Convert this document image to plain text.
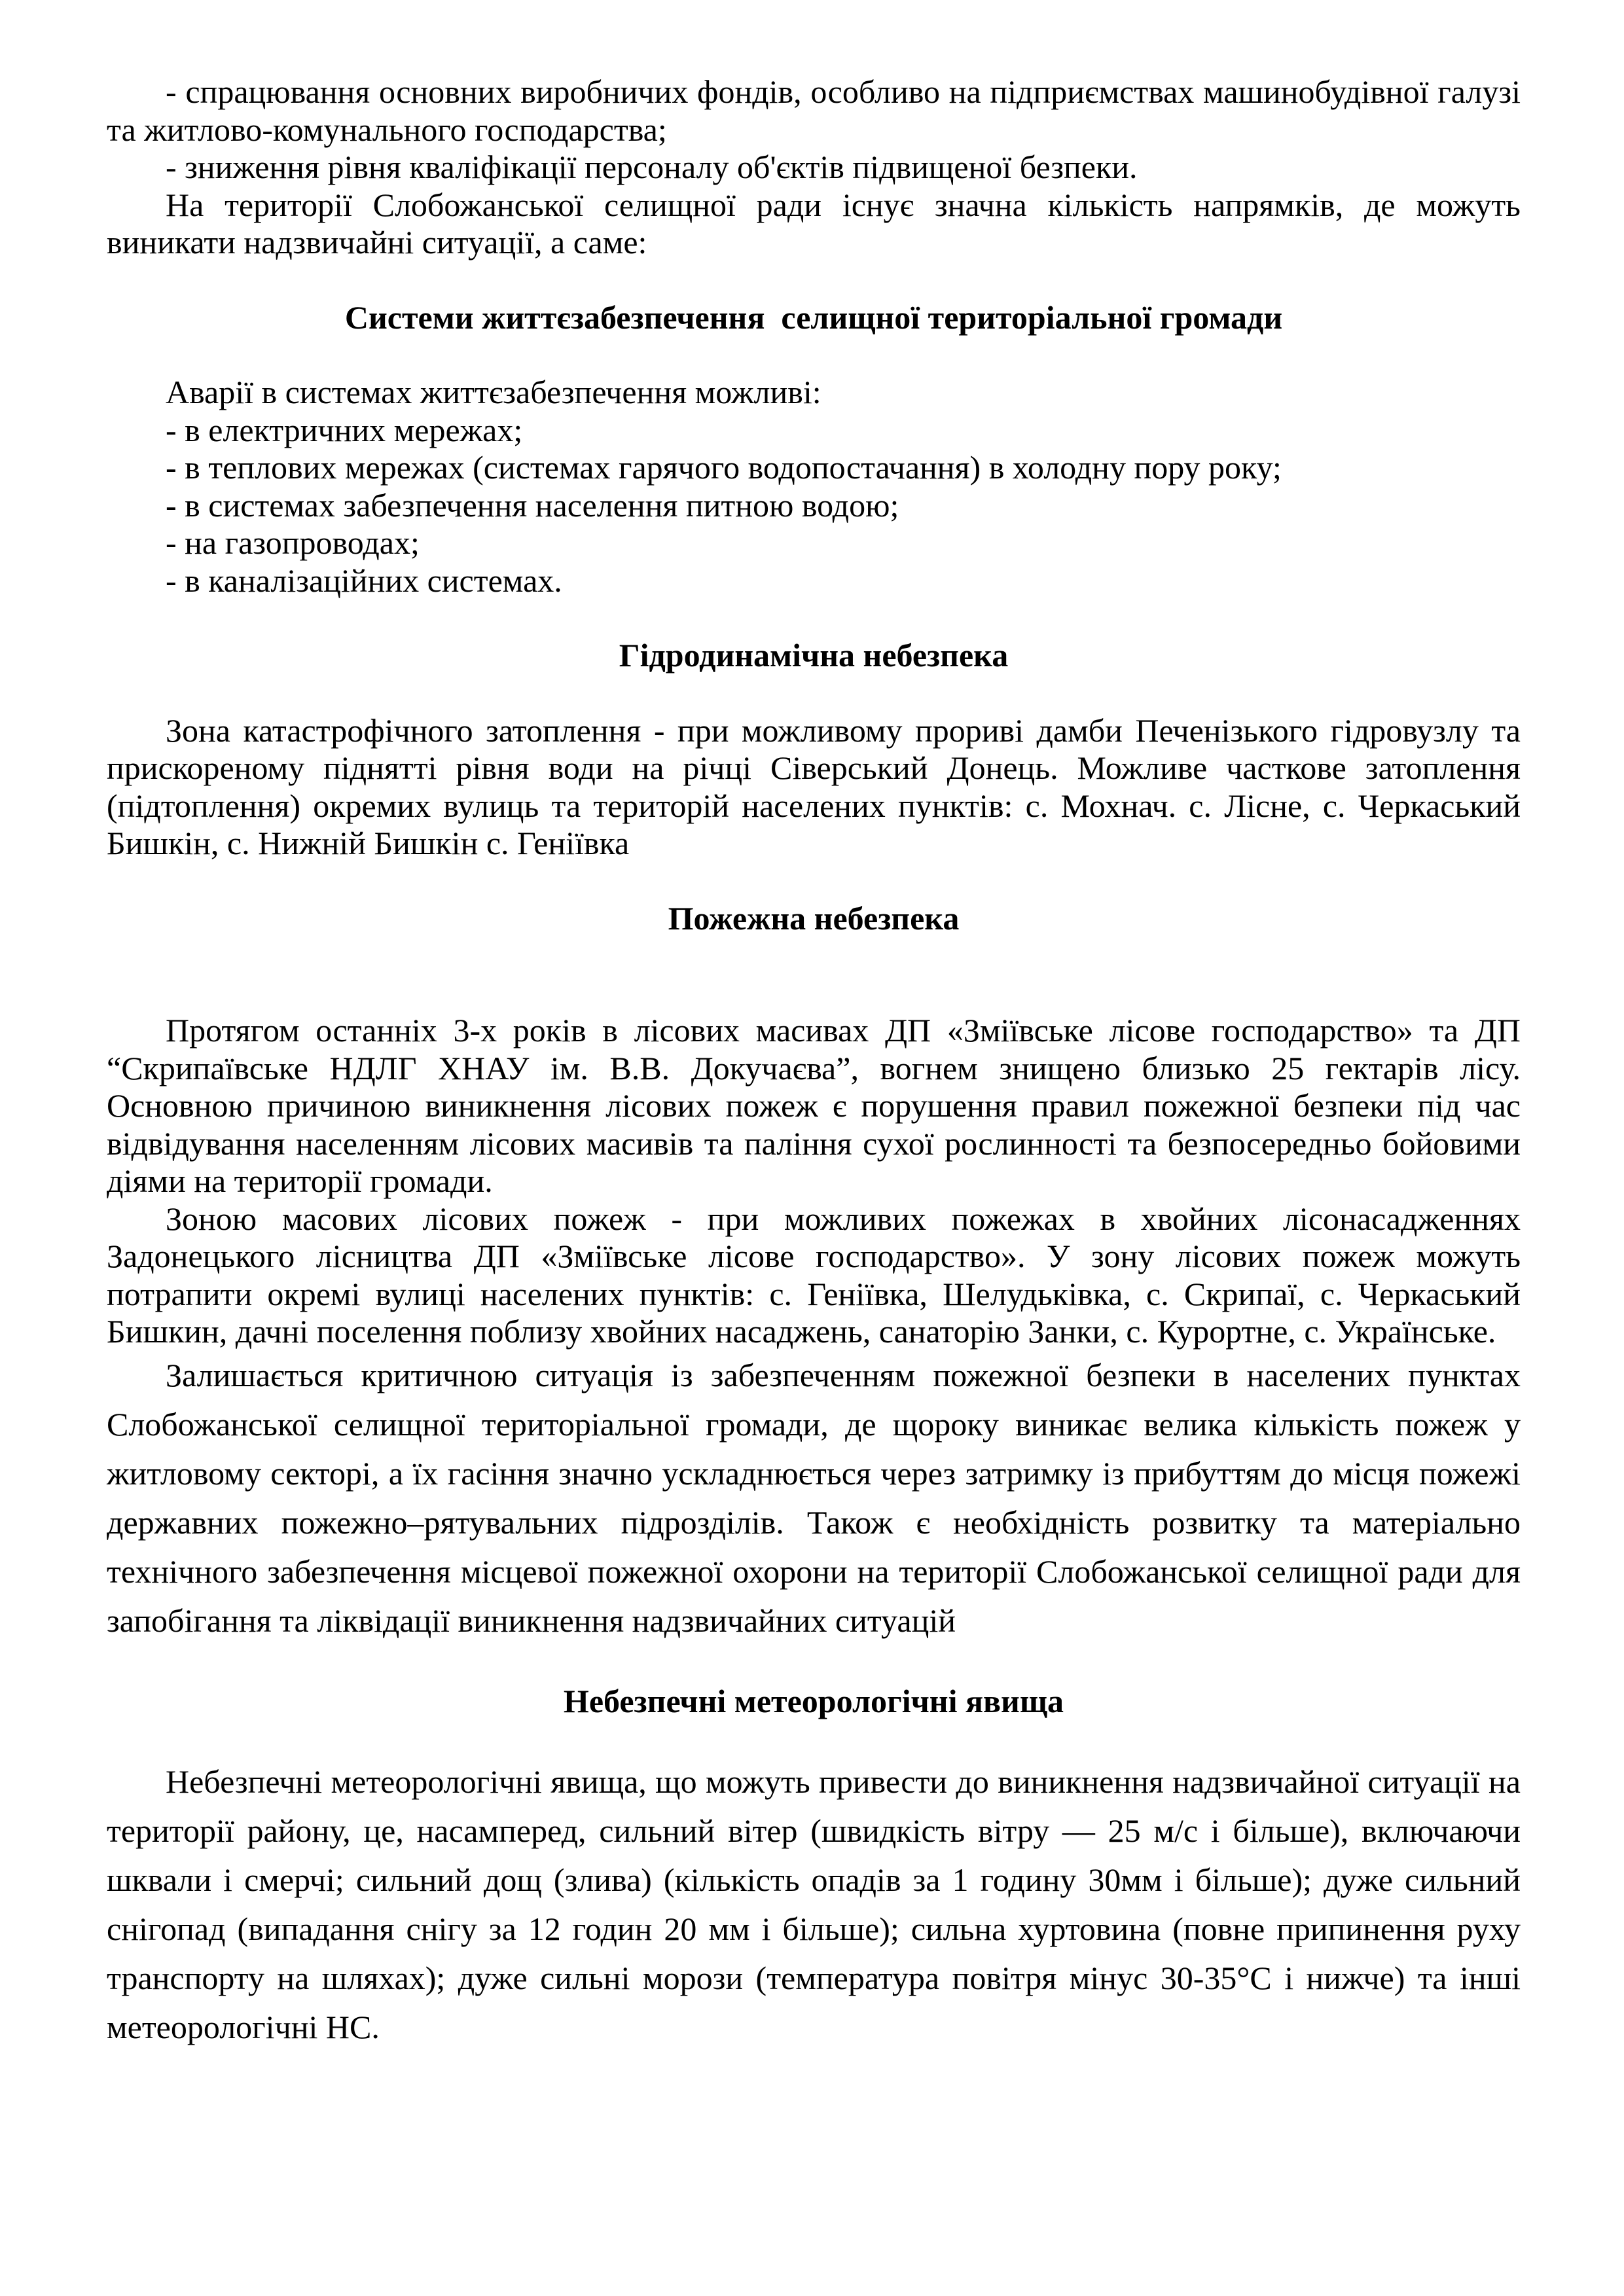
- спрацювання основних виробничих фондів, особливо на підприємствах машинобудівної галузі та житлово-комунального господарства;

- зниження рівня кваліфікації персоналу об'єктів підвищеної безпеки.

На території Слобожанської селищної ради існує значна кількість напрямків, де можуть виникати надзвичайні ситуації, а саме:

Системи життєзабезпечення  селищної територіальної громади

Аварії в системах життєзабезпечення можливі:

- в електричних мережах;

- в теплових мережах (системах гарячого водопостачання) в холодну пору року;

- в системах забезпечення населення питною водою;

- на газопроводах;

- в каналізаційних системах.

Гідродинамічна небезпека

Зона катастрофічного затоплення - при можливому прориві дамби Печенізького гідровузлу та прискореному піднятті рівня води на річці Сіверський Донець. Можливе часткове затоплення (підтоплення) окремих вулиць та територій населених пунктів: с. Мохнач. с. Лісне, с. Черкаський Бишкін, с. Нижній Бишкін с. Геніївка

Пожежна небезпека

Протягом останніх 3-х років в лісових масивах ДП «Зміївське лісове господарство» та ДП “Скрипаївське НДЛГ ХНАУ ім. В.В. Докучаєва”, вогнем знищено близько 25 гектарів лісу. Основною причиною виникнення лісових пожеж є порушення правил пожежної безпеки під час відвідування населенням лісових масивів та паління сухої рослинності та безпосередньо бойовими діями на території громади.

Зоною масових лісових пожеж - при можливих пожежах в хвойних лісонасадженнях Задонецького лісництва ДП «Зміївське лісове господарство». У зону лісових пожеж можуть потрапити окремі вулиці населених пунктів: с. Геніївка, Шелудьківка, с. Скрипаї, с. Черкаський Бишкин, дачні поселення поблизу хвойних насаджень, санаторію Занки, с. Курортне, с. Українське.

Залишається критичною ситуація із забезпеченням пожежної безпеки в населених пунктах Слобожанської селищної територіальної громади, де щороку виникає велика кількість пожеж у житловому секторі, а їх гасіння значно ускладнюється через затримку із прибуттям до місця пожежі державних пожежно–рятувальних підрозділів. Також є необхідність розвитку та матеріально технічного забезпечення місцевої пожежної охорони на території Слобожанської селищної ради для запобігання та ліквідації виникнення надзвичайних ситуацій

Небезпечні метеорологічні явища

Небезпечні метеорологічні явища, що можуть привести до виникнення надзвичайної ситуації на території району, це, насамперед, сильний вітер (швидкість вітру — 25 м/с і більше), включаючи шквали і смерчі; сильний дощ (злива) (кількість опадів за 1 годину 30мм і більше); дуже сильний снігопад (випадання снігу за 12 годин 20 мм і більше); сильна хуртовина (повне припинення руху транспорту на шляхах); дуже сильні морози (температура повітря мінус 30-35°С і нижче) та інші метеорологічні НС.
